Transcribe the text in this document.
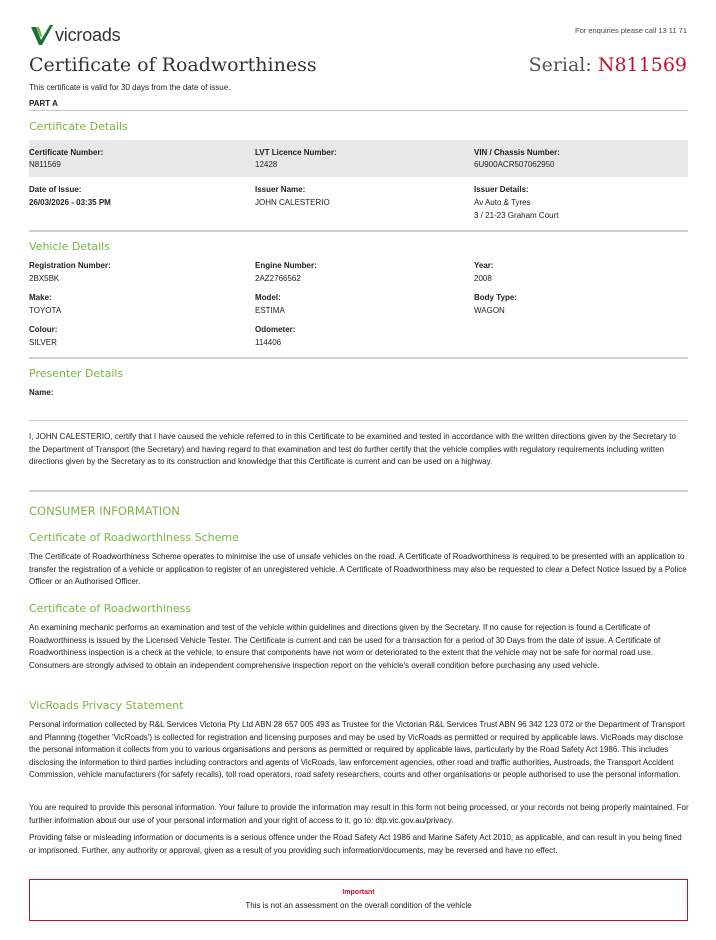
vicroads	For enquiries please call 13 11 71
Certificate of Roadworthiness	Serial: N811569
This certificate is valid for 30 days from the date of issue.
PART A
Certificate Details
Certificate Number:
N811569
LVT Licence Number:
12428
VIN / Chassis Number:
6U900ACR507062950
Date of Issue:
26/03/2026 - 03:35 PM
Issuer Name:
JOHN CALESTERIO
Issuer Details:
Av Auto & Tyres
3 / 21-23 Graham Court
Vehicle Details
Registration Number:
2BX5BK
Engine Number:
2AZ2766562
Year:
2008
Make:
TOYOTA
Model:
ESTIMA
Body Type:
WAGON
Colour:
SILVER
Odometer:
114406
Presenter Details
Name:
I, JOHN CALESTERIO, certify that I have caused the vehicle referred to in this Certificate to be examined and tested in accordance with the written directions given by the Secretary to the Department of Transport (the Secretary) and having regard to that examination and test do further certify that the vehicle complies with regulatory requirements including written directions given by the Secretary as to its construction and knowledge that this Certificate is current and can be used on a highway.
CONSUMER INFORMATION
Certificate of Roadworthiness Scheme
The Certificate of Roadworthiness Scheme operates to minimise the use of unsafe vehicles on the road. A Certificate of Roadworthiness is required to be presented with an application to transfer the registration of a vehicle or application to register of an unregistered vehicle. A Certificate of Roadworthiness may also be requested to clear a Defect Notice Issued by a Police Officer or an Authorised Officer.
Certificate of Roadworthiness
An examining mechanic performs an examination and test of the vehicle within guidelines and directions given by the Secretary. If no cause for rejection is found a Certificate of Roadworthiness is issued by the Licensed Vehicle Tester. The Certificate is current and can be used for a transaction for a period of 30 Days from the date of issue. A Certificate of Roadworthiness inspection is a check at the vehicle, to ensure that components have not worn or deteriorated to the extent that the vehicle may not be safe for normal road use. Consumers are strongly advised to obtain an independent comprehensive inspection report on the vehicle's overall condition before purchasing any used vehicle.
VicRoads Privacy Statement
Personal information collected by R&L Services Victoria Pty Ltd ABN 28 657 005 493 as Trustee for the Victorian R&L Services Trust ABN 96 342 123 072 or the Department of Transport and Planning (together 'VicRoads') is collected for registration and licensing purposes and may be used by VicRoads as permitted or required by applicable laws. VicRoads may disclose the personal information it collects from you to various organisations and persons as permitted or required by applicable laws, particularly by the Road Safety Act 1986. This includes disclosing the information to third parties including contractors and agents of VicRoads, law enforcement agencies, other road and traffic authorities, Austroads, the Transport Accident Commission, vehicle manufacturers (for safety recalls), toll road operators, road safety researchers, courts and other organisations or people authorised to use the personal information.
You are required to provide this personal information. Your failure to provide the information may result in this form not being processed, or your records not being properly maintained. For further information about our use of your personal information and your right of access to it, go to: dtp.vic.gov.au/privacy.
Providing false or misleading information or documents is a serious offence under the Road Safety Act 1986 and Marine Safety Act 2010, as applicable, and can result in you being fined or imprisoned. Further, any authority or approval, given as a result of you providing such information/documents, may be reversed and have no effect.
Important
This is not an assessment on the overall condition of the vehicle
